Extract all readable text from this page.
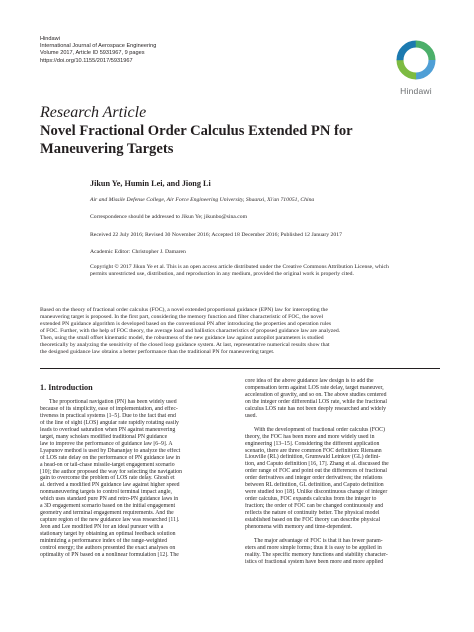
Hindawi
International Journal of Aerospace Engineering
Volume 2017, Article ID 5931967, 9 pages
https://doi.org/10.1155/2017/5931967
Hindawi
Research Article
Novel Fractional Order Calculus Extended PN for
Maneuvering Targets
Jikun Ye, Humin Lei, and Jiong Li
Air and Missile Defense College, Air Force Engineering University, Shaanxi, Xi'an 710051, China
Correspondence should be addressed to Jikun Ye; jikunbo@sina.com
Received 22 July 2016; Revised 30 November 2016; Accepted 18 December 2016; Published 12 January 2017
Academic Editor: Christopher J. Damaren
Copyright © 2017 Jikun Ye et al. This is an open access article distributed under the Creative Commons Attribution License, which
permits unrestricted use, distribution, and reproduction in any medium, provided the original work is properly cited.
Based on the theory of fractional order calculus (FOC), a novel extended proportional guidance (EPN) law for intercepting the
maneuvering target is proposed. In the first part, considering the memory function and filter characteristic of FOC, the novel
extended PN guidance algorithm is developed based on the conventional PN after introducing the properties and operation rules
of FOC. Further, with the help of FOC theory, the average load and ballistics characteristics of proposed guidance law are analyzed.
Then, using the small offset kinematic model, the robustness of the new guidance law against autopilot parameters is studied
theoretically by analyzing the sensitivity of the closed loop guidance system. At last, representative numerical results show that
the designed guidance law obtains a better performance than the traditional PN for maneuvering target.
1. Introduction
The proportional navigation (PN) has been widely used
because of its simplicity, ease of implementation, and effec-
tiveness in practical systems [1–5]. Due to the fact that end
of the line of sight (LOS) angular rate rapidly rotating easily
leads to overload saturation when PN against maneuvering
target, many scholars modified traditional PN guidance
law to improve the performance of guidance law [6–9]. A
Lyapunov method is used by Dhananjay to analyze the effect
of LOS rate delay on the performance of PN guidance law in
a head-on or tail-chase missile-target engagement scenario
[10]; the author proposed the way for selecting the navigation
gain to overcome the problem of LOS rate delay. Ghosh et
al. derived a modified PN guidance law against higher speed
nonmaneuvering targets to control terminal impact angle,
which uses standard pure PN and retro-PN guidance laws in
a 3D engagement scenario based on the initial engagement
geometry and terminal engagement requirements. And the
capture region of the new guidance law was researched [11].
Jeon and Lee modified PN for an ideal pursuer with a
stationary target by obtaining an optimal feedback solution
minimizing a performance index of the range-weighted
control energy; the authors presented the exact analyses on
optimality of PN based on a nonlinear formulation [12]. The
core idea of the above guidance law design is to add the
compensation term against LOS rate delay, target maneuver,
acceleration of gravity, and so on. The above studies centered
on the integer order differential LOS rate, while the fractional
calculus LOS rate has not been deeply researched and widely
used.
With the development of fractional order calculus (FOC)
theory, the FOC has been more and more widely used in
engineering [13–15]. Considering the different application
scenario, there are three common FOC definition: Riemann
Liouville (RL) definition, Grumwald Letnkov (GL) defini-
tion, and Caputo definition [16, 17]. Zhang et al. discussed the
order range of FOC and point out the differences of fractional
order derivatives and integer order derivatives; the relations
between RL definition, GL definition, and Caputo definition
were studied too [18]. Unlike discontinuous change of integer
order calculus, FOC expands calculus from the integer to
fraction; the order of FOC can be changed continuously and
reflects the nature of continuity better. The physical model
established based on the FOC theory can describe physical
phenomena with memory and time-dependent.
The major advantage of FOC is that it has fewer param-
eters and more simple forms; thus it is easy to be applied in
reality. The specific memory functions and stability character-
istics of fractional system have been more and more applied
